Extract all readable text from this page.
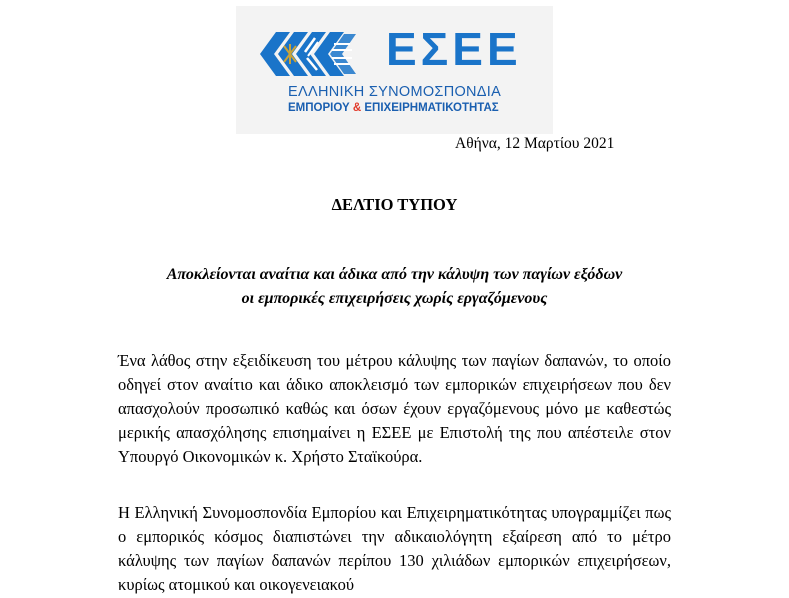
ΕΣΕΕ
ΕΛΛΗΝΙΚΗ ΣΥΝΟΜΟΣΠΟΝΔΙΑ
ΕΜΠΟΡΙΟΥ & ΕΠΙΧΕΙΡΗΜΑΤΙΚΟΤΗΤΑΣ
Αθήνα, 12 Μαρτίου 2021
ΔΕΛΤΙΟ ΤΥΠΟΥ
Αποκλείονται αναίτια και άδικα από την κάλυψη των παγίων εξόδων
οι εμπορικές επιχειρήσεις χωρίς εργαζόμενους
Ένα λάθος στην εξειδίκευση του μέτρου κάλυψης των παγίων δαπανών, το οποίο οδηγεί στον αναίτιο και άδικο αποκλεισμό των εμπορικών επιχειρήσεων που δεν απασχολούν προσωπικό καθώς και όσων έχουν εργαζόμενους μόνο με καθεστώς μερικής απασχόλησης επισημαίνει η ΕΣΕΕ με Επιστολή της που απέστειλε στον Υπουργό Οικονομικών κ. Χρήστο Σταϊκούρα.
Η Ελληνική Συνομοσπονδία Εμπορίου και Επιχειρηματικότητας υπογραμμίζει πως ο εμπορικός κόσμος διαπιστώνει την αδικαιολόγητη εξαίρεση από το μέτρο κάλυψης των παγίων δαπανών περίπου 130 χιλιάδων εμπορικών επιχειρήσεων, κυρίως ατομικού και οικογενειακού
